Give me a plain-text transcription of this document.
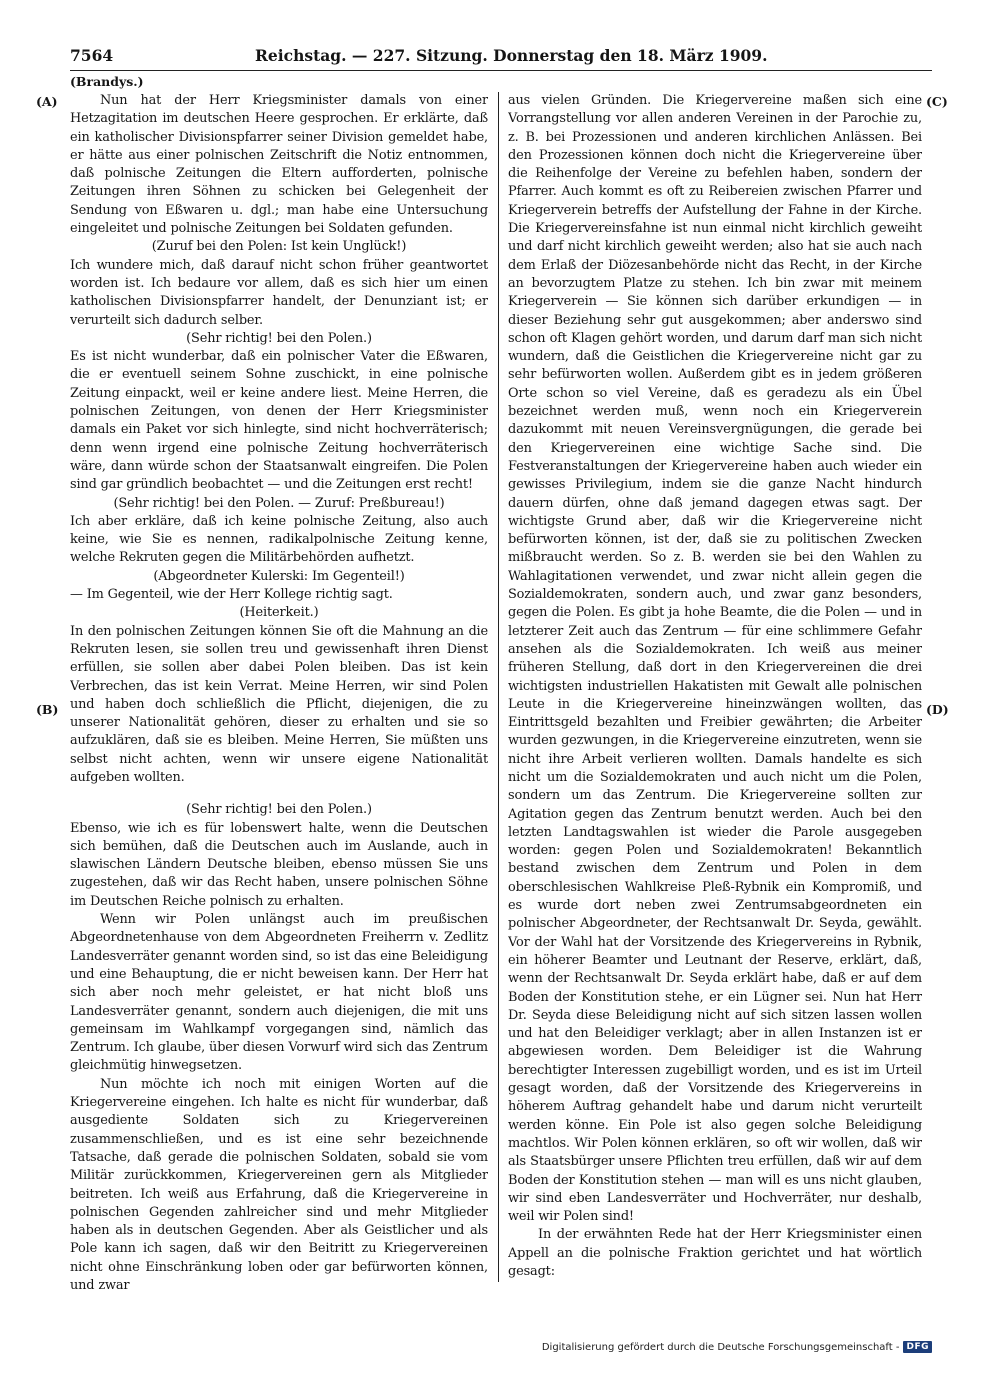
7564	Reichstag. — 227. Sitzung. Donnerstag den 18. März 1909.
(Brandys.)
(A)
(B)
(C)
(D)

Nun hat der Herr Kriegsminister damals von einer Hetzagitation im deutschen Heere gesprochen. Er erklärte, daß ein katholischer Divisionspfarrer seiner Division gemeldet habe, er hätte aus einer polnischen Zeitschrift die Notiz entnommen, daß polnische Zeitungen die Eltern aufforderten, polnische Zeitungen ihren Söhnen zu schicken bei Gelegenheit der Sendung von Eßwaren u. dgl.; man habe eine Untersuchung eingeleitet und polnische Zeitungen bei Soldaten gefunden.

(Zuruf bei den Polen: Ist kein Unglück!)

Ich wundere mich, daß darauf nicht schon früher geantwortet worden ist. Ich bedaure vor allem, daß es sich hier um einen katholischen Divisionspfarrer handelt, der Denunziant ist; er verurteilt sich dadurch selber.

(Sehr richtig! bei den Polen.)

Es ist nicht wunderbar, daß ein polnischer Vater die Eßwaren, die er eventuell seinem Sohne zuschickt, in eine polnische Zeitung einpackt, weil er keine andere liest. Meine Herren, die polnischen Zeitungen, von denen der Herr Kriegsminister damals ein Paket vor sich hinlegte, sind nicht hochverräterisch; denn wenn irgend eine polnische Zeitung hochverräterisch wäre, dann würde schon der Staatsanwalt eingreifen. Die Polen sind gar gründlich beobachtet — und die Zeitungen erst recht!

(Sehr richtig! bei den Polen. — Zuruf: Preßbureau!)

Ich aber erkläre, daß ich keine polnische Zeitung, also auch keine, wie Sie es nennen, radikalpolnische Zeitung kenne, welche Rekruten gegen die Militärbehörden aufhetzt.

(Abgeordneter Kulerski: Im Gegenteil!)

— Im Gegenteil, wie der Herr Kollege richtig sagt.

(Heiterkeit.)

In den polnischen Zeitungen können Sie oft die Mahnung an die Rekruten lesen, sie sollen treu und gewissenhaft ihren Dienst erfüllen, sie sollen aber dabei Polen bleiben. Das ist kein Verbrechen, das ist kein Verrat. Meine Herren, wir sind Polen und haben doch schließlich die Pflicht, diejenigen, die zu unserer Nationalität gehören, dieser zu erhalten und sie so aufzuklären, daß sie es bleiben. Meine Herren, Sie müßten uns selbst nicht achten, wenn wir unsere eigene Nationalität aufgeben wollten.

(Sehr richtig! bei den Polen.)

Ebenso, wie ich es für lobenswert halte, wenn die Deutschen sich bemühen, daß die Deutschen auch im Auslande, auch in slawischen Ländern Deutsche bleiben, ebenso müssen Sie uns zugestehen, daß wir das Recht haben, unsere polnischen Söhne im Deutschen Reiche polnisch zu erhalten.

Wenn wir Polen unlängst auch im preußischen Abgeordnetenhause von dem Abgeordneten Freiherrn v. Zedlitz Landesverräter genannt worden sind, so ist das eine Beleidigung und eine Behauptung, die er nicht beweisen kann. Der Herr hat sich aber noch mehr geleistet, er hat nicht bloß uns Landesverräter genannt, sondern auch diejenigen, die mit uns gemeinsam im Wahlkampf vorgegangen sind, nämlich das Zentrum. Ich glaube, über diesen Vorwurf wird sich das Zentrum gleichmütig hinwegsetzen.

Nun möchte ich noch mit einigen Worten auf die Kriegervereine eingehen. Ich halte es nicht für wunderbar, daß ausgediente Soldaten sich zu Kriegervereinen zusammenschließen, und es ist eine sehr bezeichnende Tatsache, daß gerade die polnischen Soldaten, sobald sie vom Militär zurückkommen, Kriegervereinen gern als Mitglieder beitreten. Ich weiß aus Erfahrung, daß die Kriegervereine in polnischen Gegenden zahlreicher sind und mehr Mitglieder haben als in deutschen Gegenden. Aber als Geistlicher und als Pole kann ich sagen, daß wir den Beitritt zu Kriegervereinen nicht ohne Einschränkung loben oder gar befürworten können, und zwar

aus vielen Gründen. Die Kriegervereine maßen sich eine Vorrangstellung vor allen anderen Vereinen in der Parochie zu, z. B. bei Prozessionen und anderen kirchlichen Anlässen. Bei den Prozessionen können doch nicht die Kriegervereine über die Reihenfolge der Vereine zu befehlen haben, sondern der Pfarrer. Auch kommt es oft zu Reibereien zwischen Pfarrer und Kriegerverein betreffs der Aufstellung der Fahne in der Kirche. Die Kriegervereinsfahne ist nun einmal nicht kirchlich geweiht und darf nicht kirchlich geweiht werden; also hat sie auch nach dem Erlaß der Diözesanbehörde nicht das Recht, in der Kirche an bevorzugtem Platze zu stehen. Ich bin zwar mit meinem Kriegerverein — Sie können sich darüber erkundigen — in dieser Beziehung sehr gut ausgekommen; aber anderswo sind schon oft Klagen gehört worden, und darum darf man sich nicht wundern, daß die Geistlichen die Kriegervereine nicht gar zu sehr befürworten wollen. Außerdem gibt es in jedem größeren Orte schon so viel Vereine, daß es geradezu als ein Übel bezeichnet werden muß, wenn noch ein Kriegerverein dazukommt mit neuen Vereinsvergnügungen, die gerade bei den Kriegervereinen eine wichtige Sache sind. Die Festveranstaltungen der Kriegervereine haben auch wieder ein gewisses Privilegium, indem sie die ganze Nacht hindurch dauern dürfen, ohne daß jemand dagegen etwas sagt. Der wichtigste Grund aber, daß wir die Kriegervereine nicht befürworten können, ist der, daß sie zu politischen Zwecken mißbraucht werden. So z. B. werden sie bei den Wahlen zu Wahlagitationen verwendet, und zwar nicht allein gegen die Sozialdemokraten, sondern auch, und zwar ganz besonders, gegen die Polen. Es gibt ja hohe Beamte, die die Polen — und in letzterer Zeit auch das Zentrum — für eine schlimmere Gefahr ansehen als die Sozialdemokraten. Ich weiß aus meiner früheren Stellung, daß dort in den Kriegervereinen die drei wichtigsten industriellen Hakatisten mit Gewalt alle polnischen Leute in die Kriegervereine hineinzwängen wollten, das Eintrittsgeld bezahlten und Freibier gewährten; die Arbeiter wurden gezwungen, in die Kriegervereine einzutreten, wenn sie nicht ihre Arbeit verlieren wollten. Damals handelte es sich nicht um die Sozialdemokraten und auch nicht um die Polen, sondern um das Zentrum. Die Kriegervereine sollten zur Agitation gegen das Zentrum benutzt werden. Auch bei den letzten Landtagswahlen ist wieder die Parole ausgegeben worden: gegen Polen und Sozialdemokraten! Bekanntlich bestand zwischen dem Zentrum und Polen in dem oberschlesischen Wahlkreise Pleß-Rybnik ein Kompromiß, und es wurde dort neben zwei Zentrumsabgeordneten ein polnischer Abgeordneter, der Rechtsanwalt Dr. Seyda, gewählt. Vor der Wahl hat der Vorsitzende des Kriegervereins in Rybnik, ein höherer Beamter und Leutnant der Reserve, erklärt, daß, wenn der Rechtsanwalt Dr. Seyda erklärt habe, daß er auf dem Boden der Konstitution stehe, er ein Lügner sei. Nun hat Herr Dr. Seyda diese Beleidigung nicht auf sich sitzen lassen wollen und hat den Beleidiger verklagt; aber in allen Instanzen ist er abgewiesen worden. Dem Beleidiger ist die Wahrung berechtigter Interessen zugebilligt worden, und es ist im Urteil gesagt worden, daß der Vorsitzende des Kriegervereins in höherem Auftrag gehandelt habe und darum nicht verurteilt werden könne. Ein Pole ist also gegen solche Beleidigung machtlos. Wir Polen können erklären, so oft wir wollen, daß wir als Staatsbürger unsere Pflichten treu erfüllen, daß wir auf dem Boden der Konstitution stehen — man will es uns nicht glauben, wir sind eben Landesverräter und Hochverräter, nur deshalb, weil wir Polen sind!

In der erwähnten Rede hat der Herr Kriegsminister einen Appell an die polnische Fraktion gerichtet und hat wörtlich gesagt:

Digitalisierung gefördert durch die Deutsche Forschungsgemeinschaft - DFG
